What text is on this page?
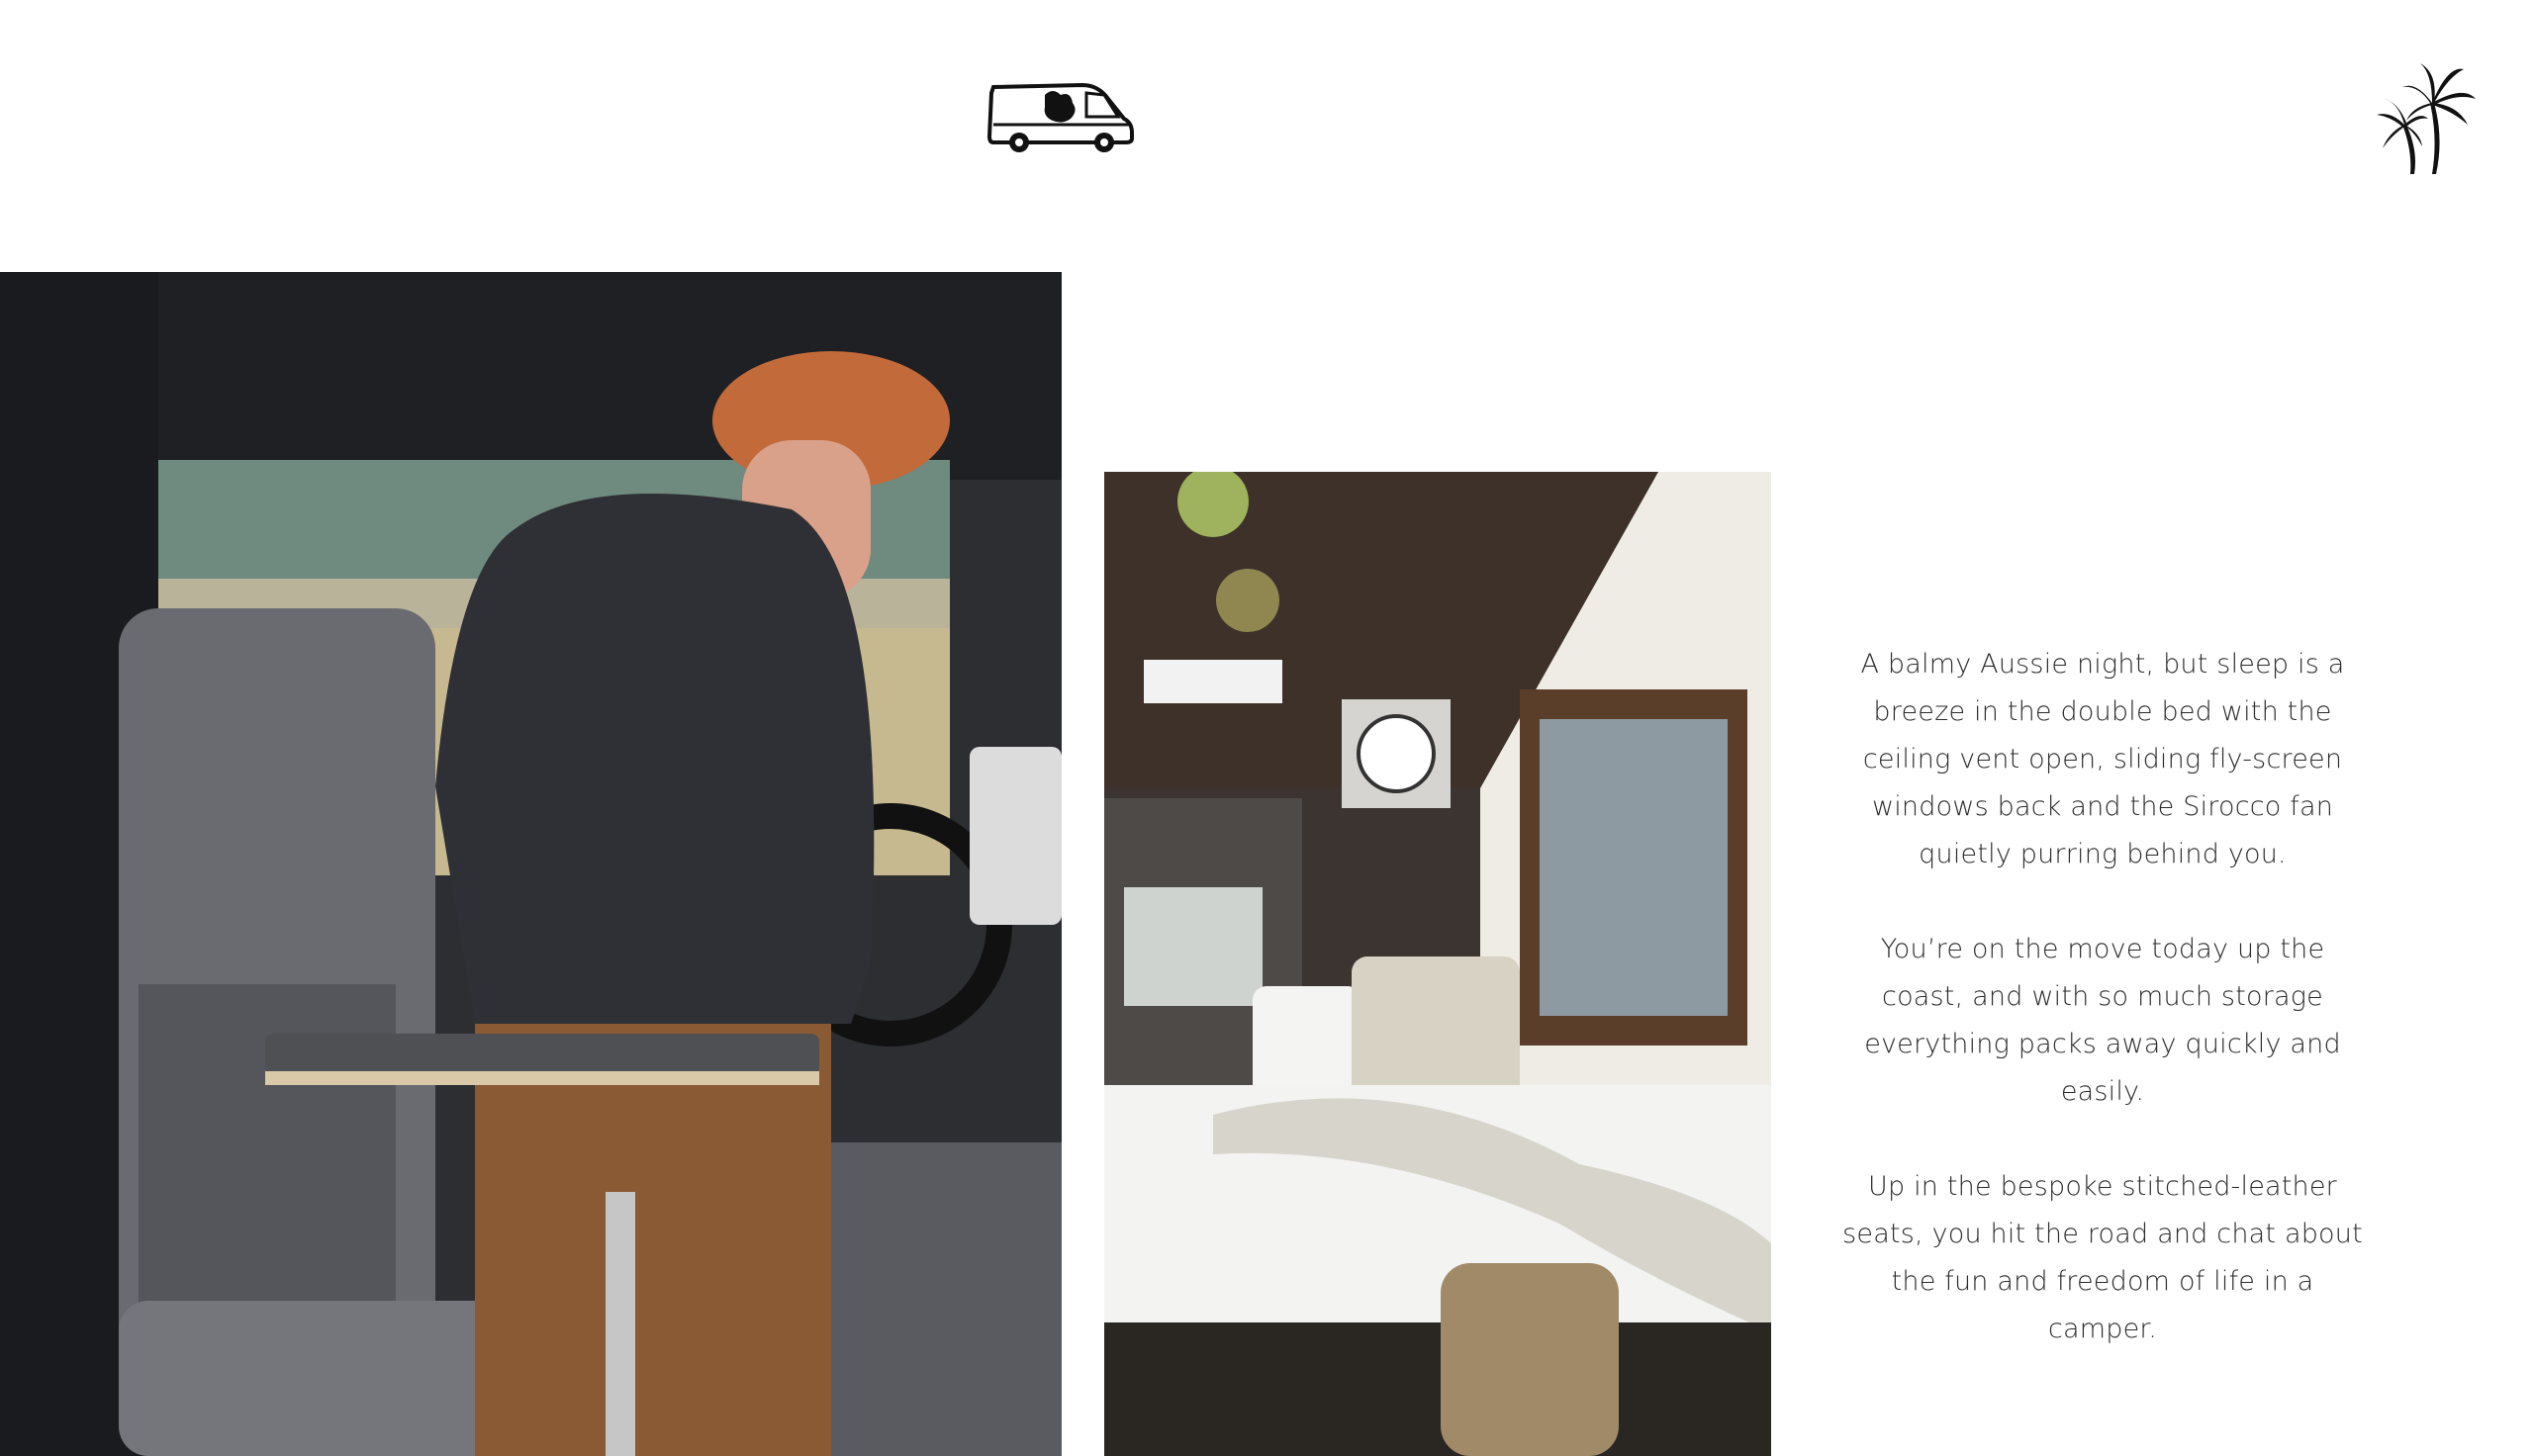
A balmy Aussie night, but sleep is a breeze in the double bed with the ceiling vent open, sliding fly-screen windows back and the Sirocco fan quietly purring behind you.

You’re on the move today up the coast, and with so much storage everything packs away quickly and easily.

Up in the bespoke stitched-leather seats, you hit the road and chat about the fun and freedom of life in a camper.
